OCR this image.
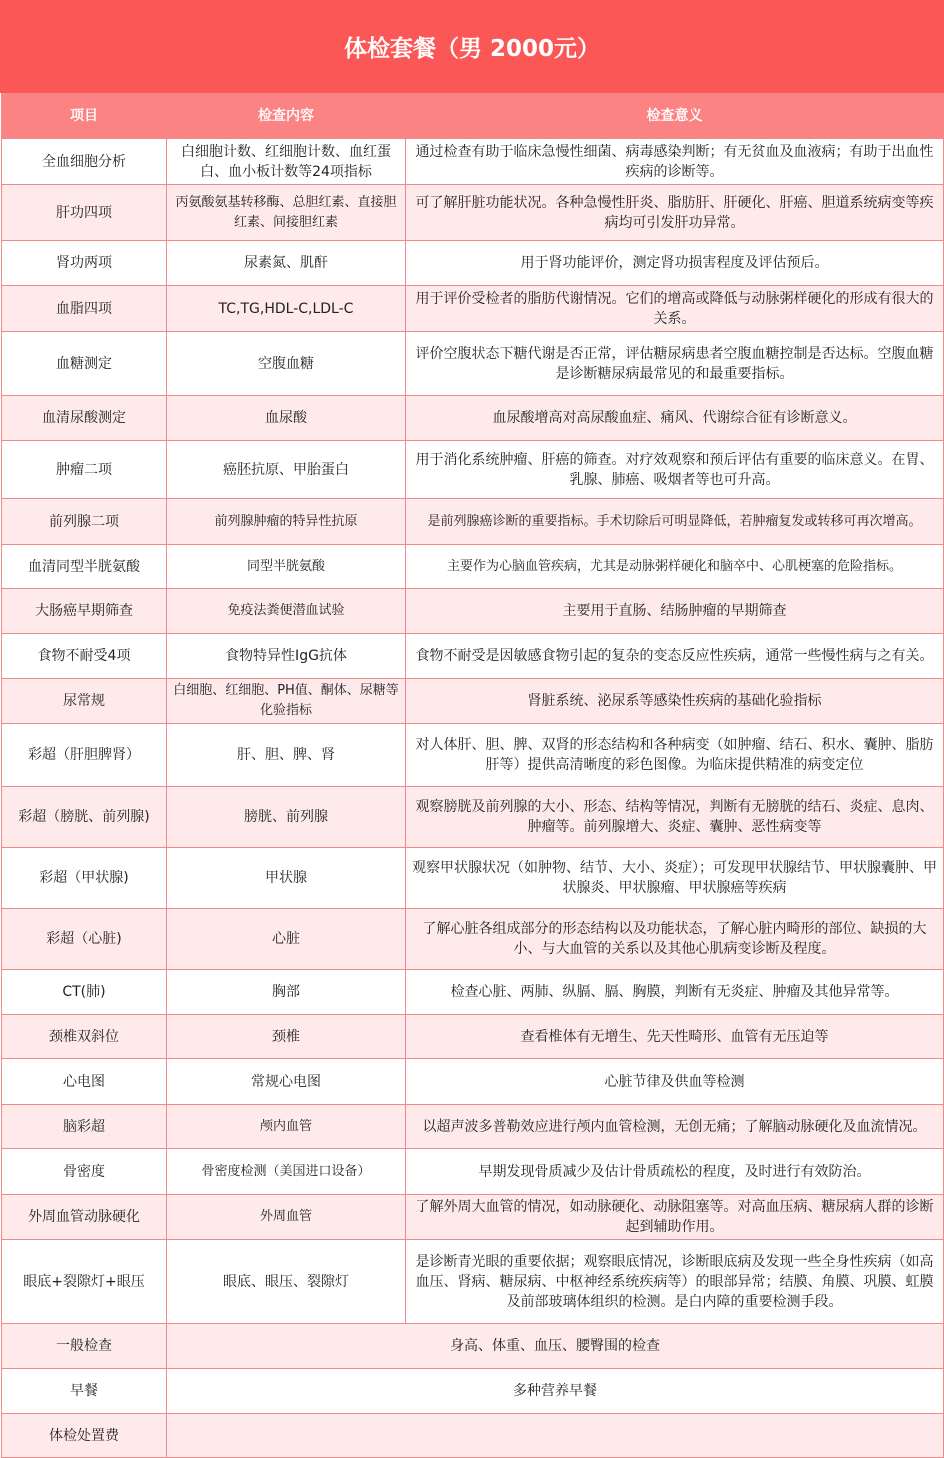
体检套餐（男 2000元）
项目	检查内容	检查意义
全血细胞分析	白细胞计数、红细胞计数、血红蛋白、血小板计数等24项指标	通过检查有助于临床急慢性细菌、病毒感染判断；有无贫血及血液病；有助于出血性疾病的诊断等。
肝功四项	丙氨酸氨基转移酶、总胆红素、直接胆红素、间接胆红素	可了解肝脏功能状况。各种急慢性肝炎、脂肪肝、肝硬化、肝癌、胆道系统病变等疾病均可引发肝功异常。
肾功两项	尿素氮、肌酐	用于肾功能评价，测定肾功损害程度及评估预后。
血脂四项	TC,TG,HDL-C,LDL-C	用于评价受检者的脂肪代谢情况。它们的增高或降低与动脉粥样硬化的形成有很大的关系。
血糖测定	空腹血糖	评价空腹状态下糖代谢是否正常，评估糖尿病患者空腹血糖控制是否达标。空腹血糖是诊断糖尿病最常见的和最重要指标。
血清尿酸测定	血尿酸	血尿酸增高对高尿酸血症、痛风、代谢综合征有诊断意义。
肿瘤二项	癌胚抗原、甲胎蛋白	用于消化系统肿瘤、肝癌的筛查。对疗效观察和预后评估有重要的临床意义。在胃、乳腺、肺癌、吸烟者等也可升高。
前列腺二项	前列腺肿瘤的特异性抗原	是前列腺癌诊断的重要指标。手术切除后可明显降低，若肿瘤复发或转移可再次增高。
血清同型半胱氨酸	同型半胱氨酸	主要作为心脑血管疾病，尤其是动脉粥样硬化和脑卒中、心肌梗塞的危险指标。
大肠癌早期筛查	免疫法粪便潜血试验	主要用于直肠、结肠肿瘤的早期筛查
食物不耐受4项	食物特异性IgG抗体	食物不耐受是因敏感食物引起的复杂的变态反应性疾病，通常一些慢性病与之有关。
尿常规	白细胞、红细胞、PH值、酮体、尿糖等化验指标	肾脏系统、泌尿系等感染性疾病的基础化验指标
彩超（肝胆脾肾）	肝、胆、脾、肾	对人体肝、胆、脾、双肾的形态结构和各种病变（如肿瘤、结石、积水、囊肿、脂肪肝等）提供高清晰度的彩色图像。为临床提供精准的病变定位
彩超（膀胱、前列腺)	膀胱、前列腺	观察膀胱及前列腺的大小、形态、结构等情况，判断有无膀胱的结石、炎症、息肉、肿瘤等。前列腺增大、炎症、囊肿、恶性病变等
彩超（甲状腺)	甲状腺	观察甲状腺状况（如肿物、结节、大小、炎症）；可发现甲状腺结节、甲状腺囊肿、甲状腺炎、甲状腺瘤、甲状腺癌等疾病
彩超（心脏)	心脏	了解心脏各组成部分的形态结构以及功能状态，了解心脏内畸形的部位、缺损的大小、与大血管的关系以及其他心肌病变诊断及程度。
CT(肺)	胸部	检查心脏、两肺、纵膈、膈、胸膜，判断有无炎症、肿瘤及其他异常等。
颈椎双斜位	颈椎	查看椎体有无增生、先天性畸形、血管有无压迫等
心电图	常规心电图	心脏节律及供血等检测
脑彩超	颅内血管	以超声波多普勒效应进行颅内血管检测，无创无痛；了解脑动脉硬化及血流情况。
骨密度	骨密度检测（美国进口设备）	早期发现骨质减少及估计骨质疏松的程度，及时进行有效防治。
外周血管动脉硬化	外周血管	了解外周大血管的情况，如动脉硬化、动脉阻塞等。对高血压病、糖尿病人群的诊断起到辅助作用。
眼底+裂隙灯+眼压	眼底、眼压、裂隙灯	是诊断青光眼的重要依据；观察眼底情况，诊断眼底病及发现一些全身性疾病（如高血压、肾病、糖尿病、中枢神经系统疾病等）的眼部异常；结膜、角膜、巩膜、虹膜及前部玻璃体组织的检测。是白内障的重要检测手段。
一般检查	身高、体重、血压、腰臀围的检查	
早餐	多种营养早餐	
体检处置费		
